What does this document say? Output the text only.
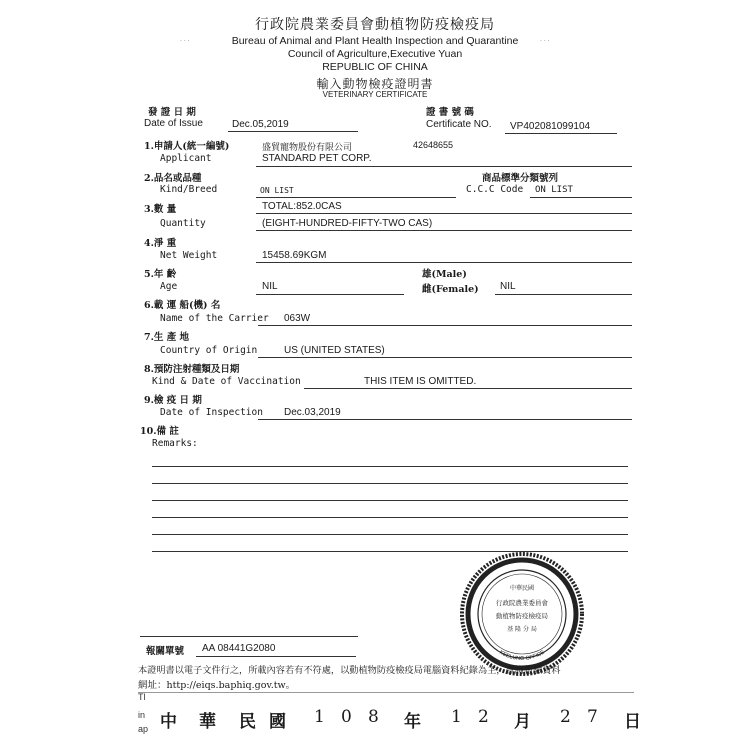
行政院農業委員會動植物防疫檢疫局
Bureau of Animal and Plant Health Inspection and Quarantine
Council of Agriculture,Executive Yuan
REPUBLIC OF CHINA
輸入動物檢疫證明書
VETERINARY CERTIFICATE
· · ·	· · ·
發 證 日 期
Date of Issue	Dec.05,2019
證 書 號 碼
Certificate NO. VP402081099104
1.申請人(統一編號)
Applicant
盛貿寵物股份有限公司	42648655
STANDARD PET CORP.
2.品名或品種
Kind/Breed	ON LIST
商品標準分類號列
C.C.C Code ON LIST
3.數 量	TOTAL:852.0CAS
Quantity	(EIGHT-HUNDRED-FIFTY-TWO CAS)
4.淨 重
Net Weight	15458.69KGM
5.年 齡
Age	NIL
雄(Male)
雌(Female) NIL
6.載 運 船(機) 名
Name of the Carrier 063W
7.生 產 地
Country of Origin	US (UNITED STATES)
8.預防注射種類及日期
Kind & Date of Vaccination	THIS ITEM IS OMITTED.
9.檢 疫 日 期
Date of Inspection Dec.03,2019
10.備 註
Remarks:
KEELUNG OFFICE
中華民國
行政院農業委員會
動植物防疫檢疫局
基 隆 分 局
報關單號 AA 08441G2080
本證明書以電子文件行之，所載內容若有不符處，以動植物防疫檢疫局電腦資料紀錄為主，查詢報驗資料
網址：http://eiqs.baphiq.gov.tw。
Tl
in
ap 中 華 民 國 1 0 8 年 1 2 月 2 7 日
